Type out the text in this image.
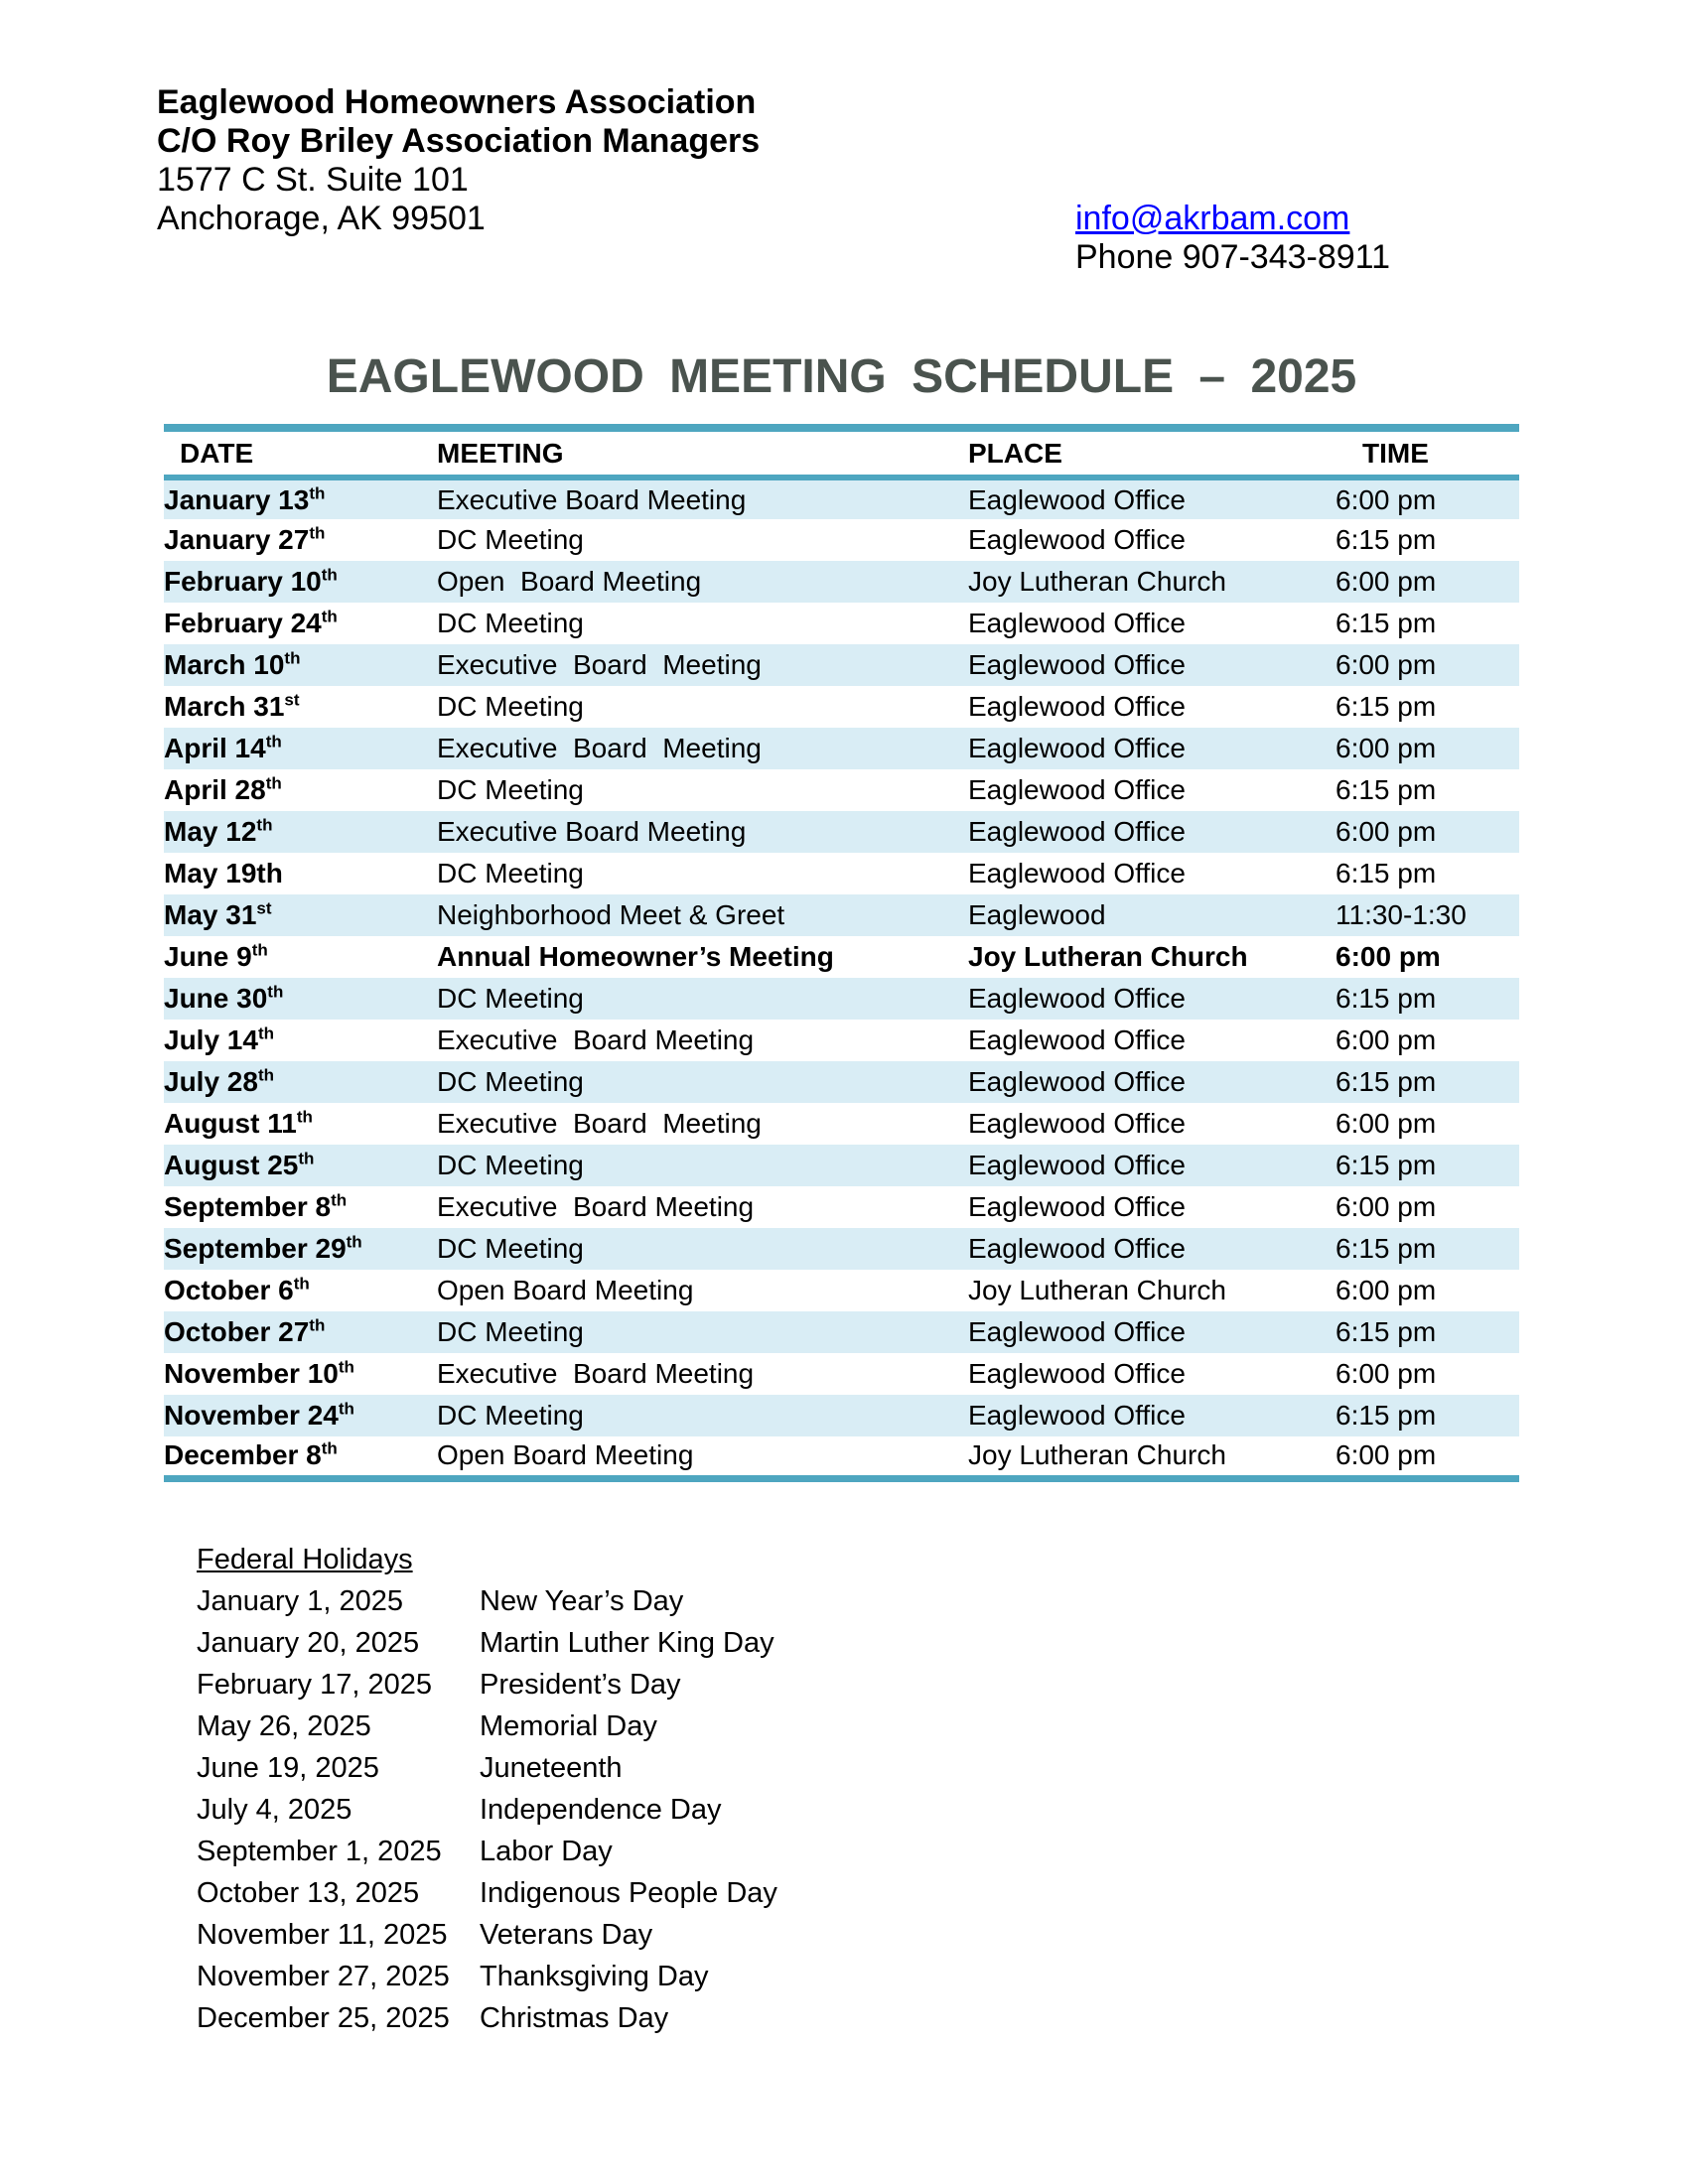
Eaglewood Homeowners Association
C/O Roy Briley Association Managers
1577 C St. Suite 101
Anchorage, AK 99501	info@akrbam.com
Phone 907-343-8911
EAGLEWOOD MEETING SCHEDULE – 2025
DATE	MEETING	PLACE	TIME
January 13th	Executive Board Meeting	Eaglewood Office	6:00 pm
January 27th	DC Meeting	Eaglewood Office	6:15 pm
February 10th	Open  Board Meeting	Joy Lutheran Church	6:00 pm
February 24th	DC Meeting	Eaglewood Office	6:15 pm
March 10th	Executive  Board  Meeting	Eaglewood Office	6:00 pm
March 31st	DC Meeting	Eaglewood Office	6:15 pm
April 14th	Executive  Board  Meeting	Eaglewood Office	6:00 pm
April 28th	DC Meeting	Eaglewood Office	6:15 pm
May 12th	Executive Board Meeting	Eaglewood Office	6:00 pm
May 19th	DC Meeting	Eaglewood Office	6:15 pm
May 31st	Neighborhood Meet & Greet	Eaglewood	11:30-1:30
June 9th	Annual Homeowner’s Meeting	Joy Lutheran Church	6:00 pm
June 30th	DC Meeting	Eaglewood Office	6:15 pm
July 14th	Executive  Board Meeting	Eaglewood Office	6:00 pm
July 28th	DC Meeting	Eaglewood Office	6:15 pm
August 11th	Executive  Board  Meeting	Eaglewood Office	6:00 pm
August 25th	DC Meeting	Eaglewood Office	6:15 pm
September 8th	Executive  Board Meeting	Eaglewood Office	6:00 pm
September 29th	DC Meeting	Eaglewood Office	6:15 pm
October 6th	Open Board Meeting	Joy Lutheran Church	6:00 pm
October 27th	DC Meeting	Eaglewood Office	6:15 pm
November 10th	Executive  Board Meeting	Eaglewood Office	6:00 pm
November 24th	DC Meeting	Eaglewood Office	6:15 pm
December 8th	Open Board Meeting	Joy Lutheran Church	6:00 pm
Federal Holidays
January 1, 2025	New Year’s Day
January 20, 2025	Martin Luther King Day
February 17, 2025	President’s Day
May 26, 2025	Memorial Day
June 19, 2025	Juneteenth
July 4, 2025	Independence Day
September 1, 2025	Labor Day
October 13, 2025	Indigenous People Day
November 11, 2025	Veterans Day
November 27, 2025	Thanksgiving Day
December 25, 2025	Christmas Day
